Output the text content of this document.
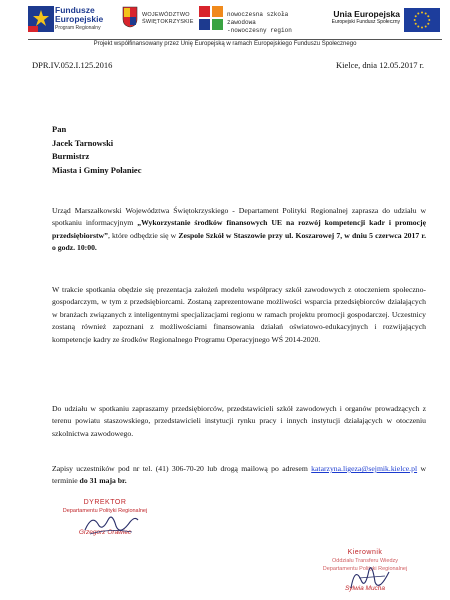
Fundusze Europejskie
Program Regionalny
WOJEWÓDZTWO
ŚWIĘTOKRZYSKIE
nowoczesna szkoła zawodowa
-nowoczesny region
Unia Europejska
Europejski Fundusz Społeczny
Projekt współfinansowany przez Unię Europejską w ramach Europejskiego Funduszu Społecznego
DPR.IV.052.I.125.2016	Kielce, dnia 12.05.2017 r.
Pan
Jacek Tarnowski
Burmistrz
Miasta i Gminy Połaniec
Urząd Marszałkowski Województwa Świętokrzyskiego - Departament Polityki Regionalnej zaprasza do udziału w spotkaniu informacyjnym „Wykorzystanie środków finansowych UE na rozwój kompetencji kadr i promocję przedsiębiorstw”, które odbędzie się w Zespole Szkół w Staszowie przy ul. Koszarowej 7, w dniu 5 czerwca 2017 r. o godz. 10:00.
W trakcie spotkania obędzie się prezentacja założeń modelu współpracy szkół zawodowych z otoczeniem społeczno-gospodarczym, w tym z przedsiębiorcami. Zostaną zaprezentowane możliwości wsparcia przedsiębiorców działających w branżach związanych z inteligentnymi specjalizacjami regionu w ramach projektu promocji gospodarczej. Uczestnicy zostaną również zapoznani z możliwościami finansowania działań oświatowo-edukacyjnych i rozwijających kompetencje kadry ze środków Regionalnego Programu Operacyjnego WŚ 2014-2020.
Do udziału w spotkaniu zapraszamy przedsiębiorców, przedstawicieli szkół zawodowych i organów prowadzących z terenu powiatu staszowskiego, przedstawicieli instytucji rynku pracy i innych instytucji działających w otoczeniu szkolnictwa zawodowego.
Zapisy uczestników pod nr tel. (41) 306-70-20 lub drogą mailową po adresem katarzyna.ligeza@sejmik.kielce.pl w terminie do 31 maja br.
DYREKTOR
Departamentu Polityki Regionalnej
Grzegorz Orawiec
Kierownik
Oddziału Transferu Wiedzy
Departamentu Polityki Regionalnej
Sylwia Mucha
